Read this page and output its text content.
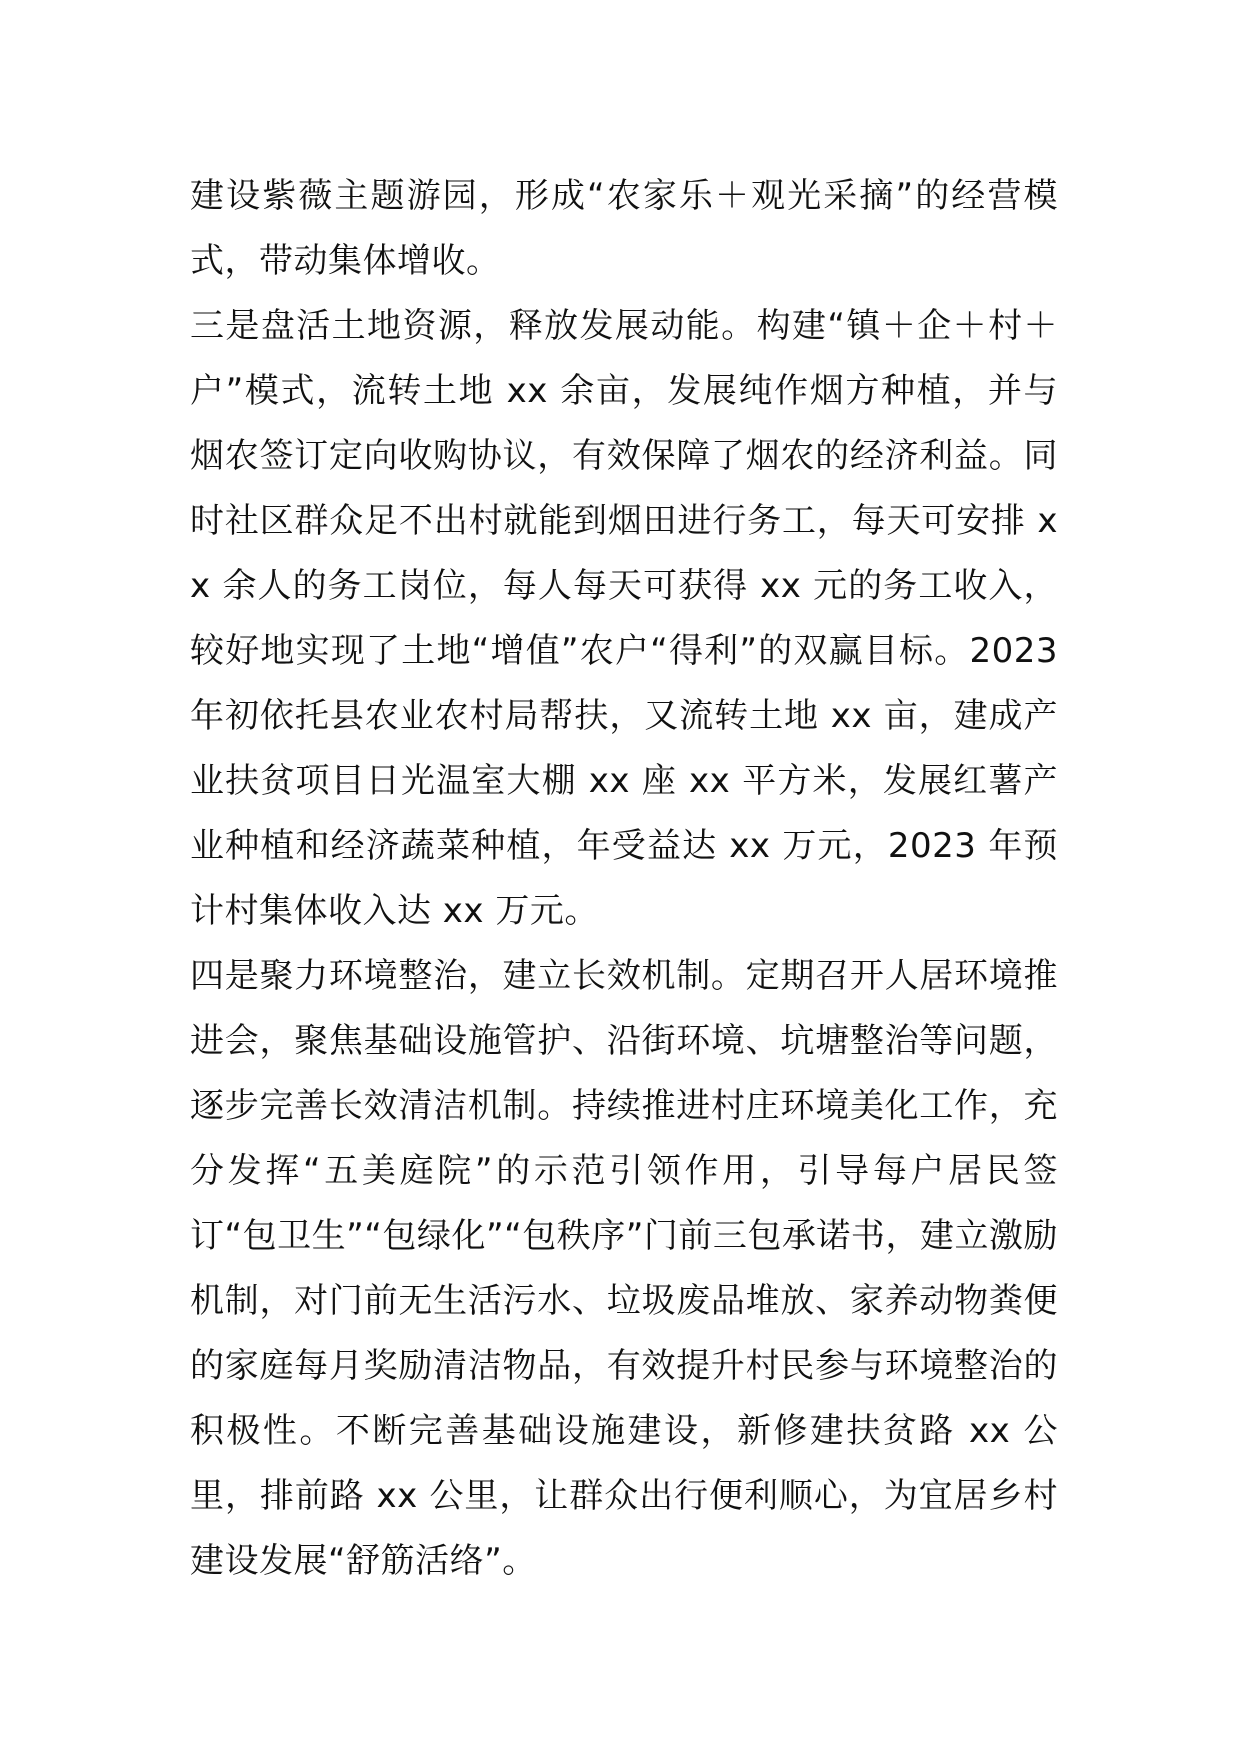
建设紫薇主题游园，形成“农家乐＋观光采摘”的经营模式，带动集体增收。

三是盘活土地资源，释放发展动能。构建“镇＋企＋村＋户”模式，流转土地 xx 余亩，发展纯作烟方种植，并与烟农签订定向收购协议，有效保障了烟农的经济利益。同时社区群众足不出村就能到烟田进行务工，每天可安排 xx 余人的务工岗位，每人每天可获得 xx 元的务工收入，较好地实现了土地“增值”农户“得利”的双赢目标。2023 年初依托县农业农村局帮扶，又流转土地 xx 亩，建成产业扶贫项目日光温室大棚 xx 座 xx 平方米，发展红薯产业种植和经济蔬菜种植，年受益达 xx 万元，2023 年预计村集体收入达 xx 万元。

四是聚力环境整治，建立长效机制。定期召开人居环境推进会，聚焦基础设施管护、沿街环境、坑塘整治等问题，逐步完善长效清洁机制。持续推进村庄环境美化工作，充分发挥“五美庭院”的示范引领作用，引导每户居民签订“包卫生”“包绿化”“包秩序”门前三包承诺书，建立激励机制，对门前无生活污水、垃圾废品堆放、家养动物粪便的家庭每月奖励清洁物品，有效提升村民参与环境整治的积极性。不断完善基础设施建设，新修建扶贫路 xx 公里，排前路 xx 公里，让群众出行便利顺心，为宜居乡村建设发展“舒筋活络”。
